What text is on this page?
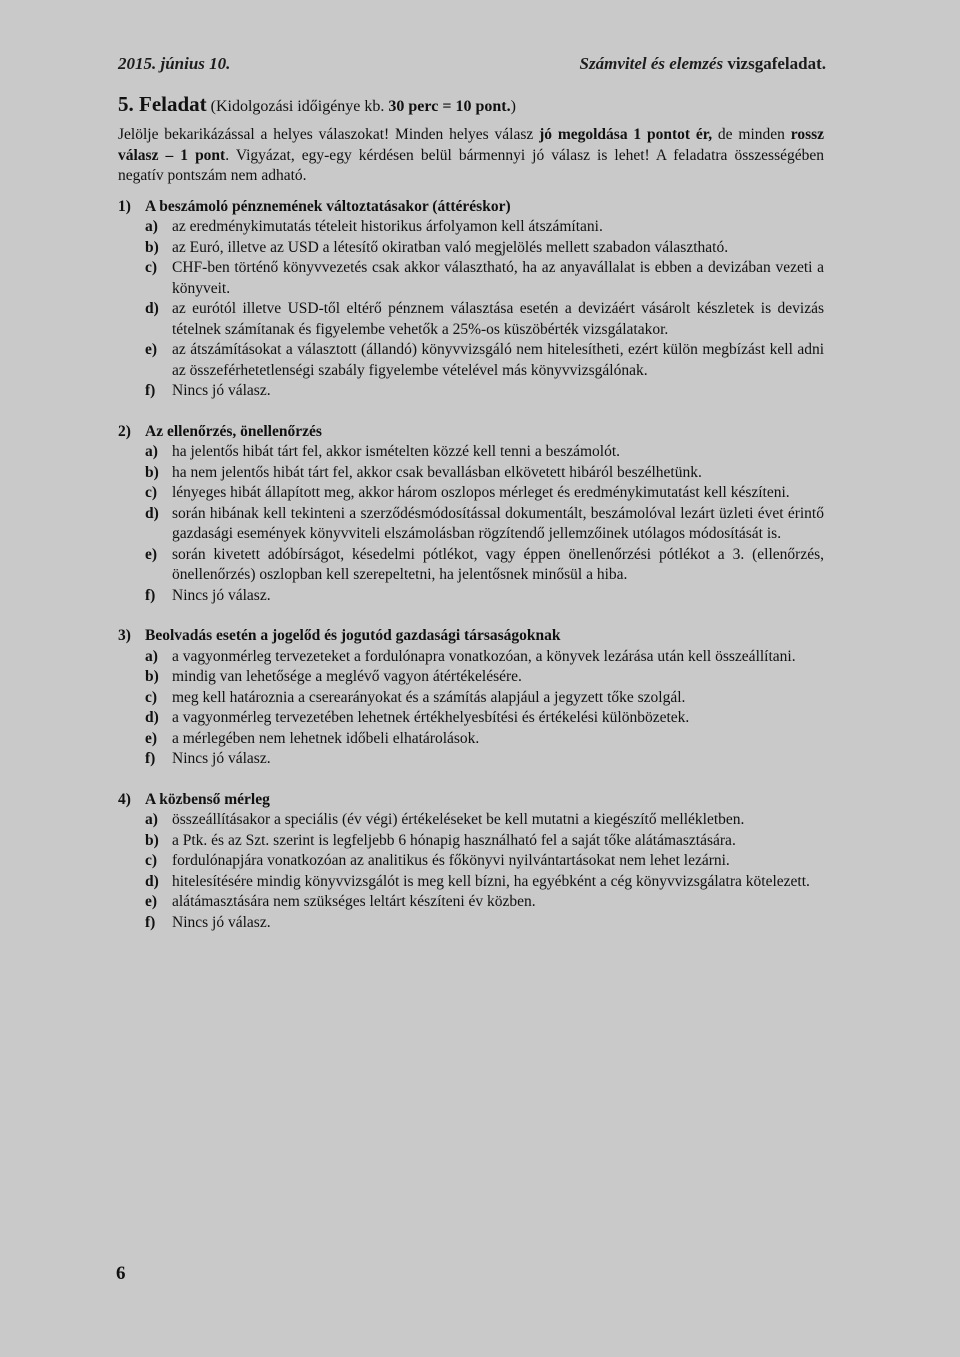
2015. június 10.	Számvitel és elemzés vizsgafeladat.
5. Feladat (Kidolgozási időigénye kb. 30 perc = 10 pont.)

Jelölje bekarikázással a helyes válaszokat! Minden helyes válasz jó megoldása 1 pontot ér, de minden rossz válasz – 1 pont. Vigyázat, egy-egy kérdésen belül bármennyi jó válasz is lehet! A feladatra összességében negatív pontszám nem adható.

1) A beszámoló pénznemének változtatásakor (áttéréskor)
a) az eredménykimutatás tételeit historikus árfolyamon kell átszámítani.
b) az Euró, illetve az USD a létesítő okiratban való megjelölés mellett szabadon választható.
c) CHF-ben történő könyvvezetés csak akkor választható, ha az anyavállalat is ebben a devizában vezeti a könyveit.
d) az eurótól illetve USD-től eltérő pénznem választása esetén a devizáért vásárolt készletek is devizás tételnek számítanak és figyelembe vehetők a 25%-os küszöbérték vizsgálatakor.
e) az átszámításokat a választott (állandó) könyvvizsgáló nem hitelesítheti, ezért külön megbízást kell adni az összeférhetetlenségi szabály figyelembe vételével más könyvvizsgálónak.
f)	Nincs jó válasz.
2) Az ellenőrzés, önellenőrzés
a) ha jelentős hibát tárt fel, akkor ismételten közzé kell tenni a beszámolót.
b) ha nem jelentős hibát tárt fel, akkor csak bevallásban elkövetett hibáról beszélhetünk.
c) lényeges hibát állapított meg, akkor három oszlopos mérleget és eredménykimutatást kell készíteni.
d) során hibának kell tekinteni a szerződésmódosítással dokumentált, beszámolóval lezárt üzleti évet érintő gazdasági események könyvviteli elszámolásban rögzítendő jellemzőinek utólagos módosítását is.
e) során kivetett adóbírságot, késedelmi pótlékot, vagy éppen önellenőrzési pótlékot a 3. (ellenőrzés, önellenőrzés) oszlopban kell szerepeltetni, ha jelentősnek minősül a hiba.
f)	Nincs jó válasz.
3) Beolvadás esetén a jogelőd és jogutód gazdasági társaságoknak
a) a vagyonmérleg tervezeteket a fordulónapra vonatkozóan, a könyvek lezárása után kell összeállítani.
b) mindig van lehetősége a meglévő vagyon átértékelésére.
c) meg kell határoznia a cserearányokat és a számítás alapjául a jegyzett tőke szolgál.
d) a vagyonmérleg tervezetében lehetnek értékhelyesbítési és értékelési különbözetek.
e) a mérlegében nem lehetnek időbeli elhatárolások.
f)	Nincs jó válasz.
4) A közbenső mérleg
a) összeállításakor a speciális (év végi) értékeléseket be kell mutatni a kiegészítő mellékletben.
b) a Ptk. és az Szt. szerint is legfeljebb 6 hónapig használható fel a saját tőke alátámasztására.
c) fordulónapjára vonatkozóan az analitikus és főkönyvi nyilvántartásokat nem lehet lezárni.
d) hitelesítésére mindig könyvvizsgálót is meg kell bízni, ha egyébként a cég könyvvizsgálatra kötelezett.
e) alátámasztására nem szükséges leltárt készíteni év közben.
f)	Nincs jó válasz.
6
